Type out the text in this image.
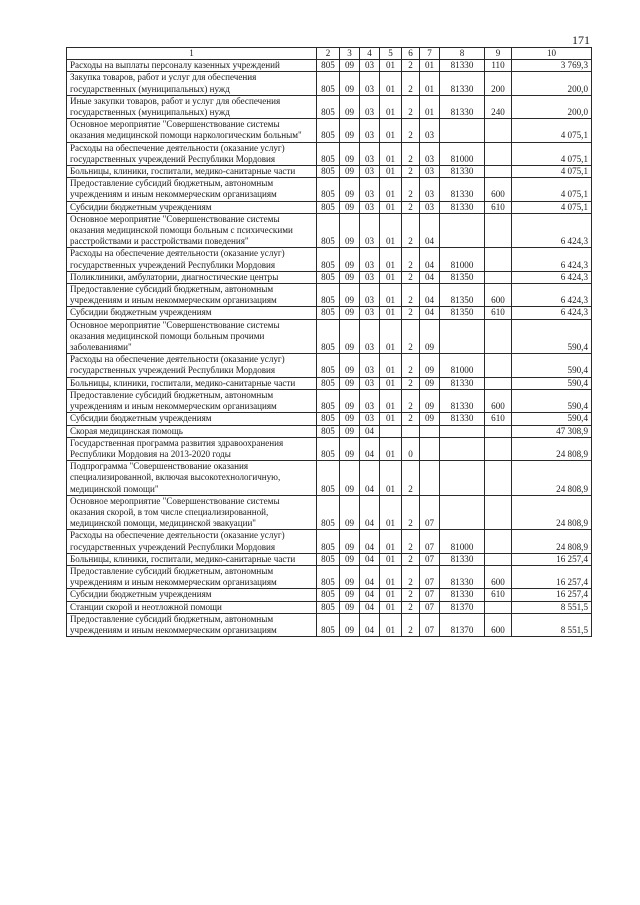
171
1	2	3	4	5	6	7	8	9	10
Расходы на выплаты персоналу казенных учреждений	805	09	03	01	2	01	81330	110	3 769,3
Закупка товаров, работ и услуг для обеспечения государственных (муниципальных) нужд	805	09	03	01	2	01	81330	200	200,0
Иные закупки товаров, работ и услуг для обеспечения государственных (муниципальных) нужд	805	09	03	01	2	01	81330	240	200,0
Основное мероприятие "Совершенствование системы оказания медицинской помощи наркологическим больным"	805	09	03	01	2	03			4 075,1
Расходы на обеспечение деятельности (оказание услуг) государственных учреждений Республики Мордовия	805	09	03	01	2	03	81000		4 075,1
Больницы, клиники, госпитали, медико-санитарные части	805	09	03	01	2	03	81330		4 075,1
Предоставление субсидий бюджетным, автономным учреждениям и иным некоммерческим организациям	805	09	03	01	2	03	81330	600	4 075,1
Субсидии бюджетным учреждениям	805	09	03	01	2	03	81330	610	4 075,1
Основное мероприятие "Совершенствование системы оказания медицинской помощи больным с психическими расстройствами и расстройствами поведения"	805	09	03	01	2	04			6 424,3
Расходы на обеспечение деятельности (оказание услуг) государственных учреждений Республики Мордовия	805	09	03	01	2	04	81000		6 424,3
Поликлиники, амбулатории, диагностические центры	805	09	03	01	2	04	81350		6 424,3
Предоставление субсидий бюджетным, автономным учреждениям и иным некоммерческим организациям	805	09	03	01	2	04	81350	600	6 424,3
Субсидии бюджетным учреждениям	805	09	03	01	2	04	81350	610	6 424,3
Основное мероприятие "Совершенствование системы оказания медицинской помощи больным прочими заболеваниями"	805	09	03	01	2	09			590,4
Расходы на обеспечение деятельности (оказание услуг) государственных учреждений Республики Мордовия	805	09	03	01	2	09	81000		590,4
Больницы, клиники, госпитали, медико-санитарные части	805	09	03	01	2	09	81330		590,4
Предоставление субсидий бюджетным, автономным учреждениям и иным некоммерческим организациям	805	09	03	01	2	09	81330	600	590,4
Субсидии бюджетным учреждениям	805	09	03	01	2	09	81330	610	590,4
Скорая медицинская помощь	805	09	04						47 308,9
Государственная программа развития здравоохранения Республики Мордовия на 2013-2020 годы	805	09	04	01	0				24 808,9
Подпрограмма "Совершенствование оказания специализированной, включая высокотехнологичную, медицинской помощи"	805	09	04	01	2				24 808,9
Основное мероприятие "Совершенствование системы оказания скорой, в том числе специализированной, медицинской помощи, медицинской эвакуации"	805	09	04	01	2	07			24 808,9
Расходы на обеспечение деятельности (оказание услуг) государственных учреждений Республики Мордовия	805	09	04	01	2	07	81000		24 808,9
Больницы, клиники, госпитали, медико-санитарные части	805	09	04	01	2	07	81330		16 257,4
Предоставление субсидий бюджетным, автономным учреждениям и иным некоммерческим организациям	805	09	04	01	2	07	81330	600	16 257,4
Субсидии бюджетным учреждениям	805	09	04	01	2	07	81330	610	16 257,4
Станции скорой и неотложной помощи	805	09	04	01	2	07	81370		8 551,5
Предоставление субсидий бюджетным, автономным учреждениям и иным некоммерческим организациям	805	09	04	01	2	07	81370	600	8 551,5
